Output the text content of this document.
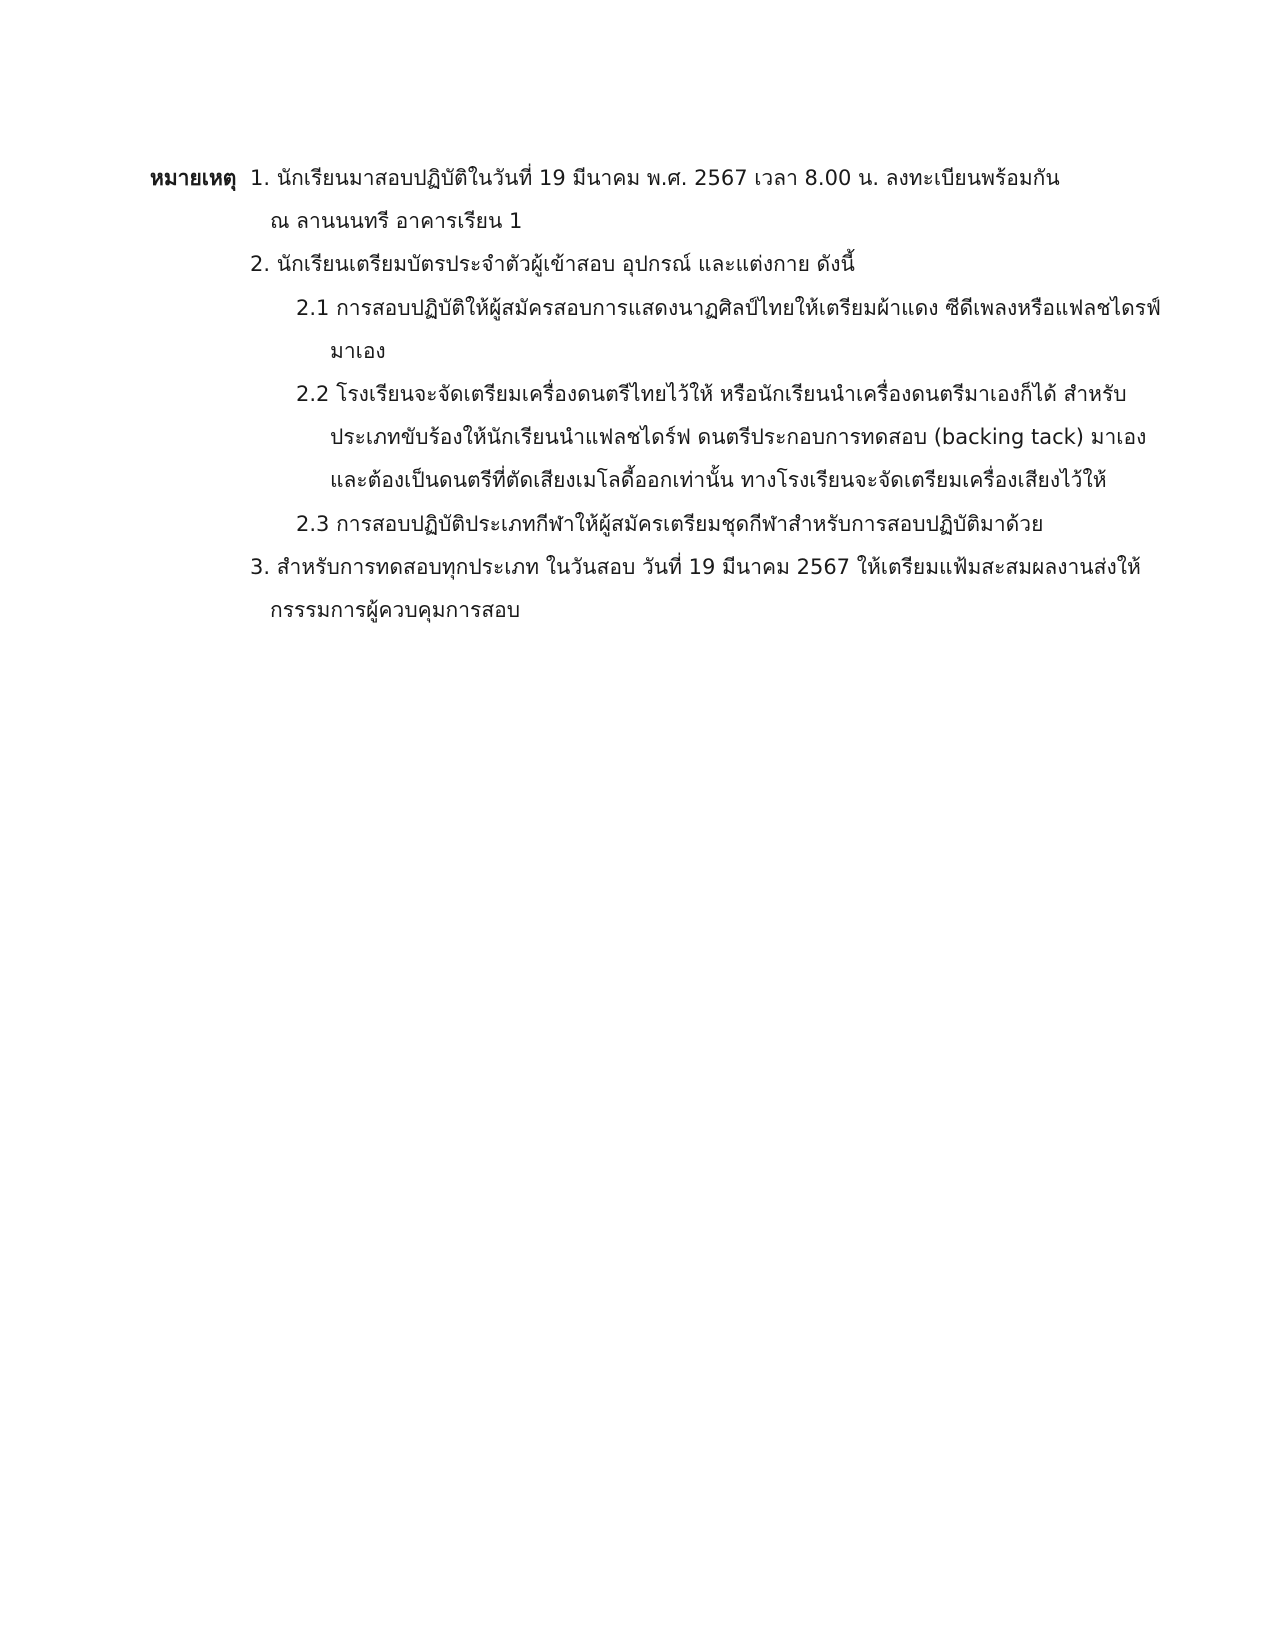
หมายเหตุ 1. นักเรียนมาสอบปฏิบัติในวันที่ 19 มีนาคม พ.ศ. 2567 เวลา 8.00 น. ลงทะเบียนพร้อมกัน
ณ ลานนนทรี อาคารเรียน 1
2. นักเรียนเตรียมบัตรประจำตัวผู้เข้าสอบ อุปกรณ์ และแต่งกาย ดังนี้
2.1 การสอบปฏิบัติให้ผู้สมัครสอบการแสดงนาฏศิลป์ไทยให้เตรียมผ้าแดง ซีดีเพลงหรือแฟลชไดรฟ์
มาเอง
2.2 โรงเรียนจะจัดเตรียมเครื่องดนตรีไทยไว้ให้ หรือนักเรียนนำเครื่องดนตรีมาเองก็ได้ สำหรับ
ประเภทขับร้องให้นักเรียนนำแฟลชไดร์ฟ ดนตรีประกอบการทดสอบ (backing tack) มาเอง
และต้องเป็นดนตรีที่ตัดเสียงเมโลดี้ออกเท่านั้น ทางโรงเรียนจะจัดเตรียมเครื่องเสียงไว้ให้
2.3 การสอบปฏิบัติประเภทกีฬาให้ผู้สมัครเตรียมชุดกีฬาสำหรับการสอบปฏิบัติมาด้วย
3. สำหรับการทดสอบทุกประเภท ในวันสอบ วันที่ 19 มีนาคม 2567 ให้เตรียมแฟ้มสะสมผลงานส่งให้
กรรรมการผู้ควบคุมการสอบ
